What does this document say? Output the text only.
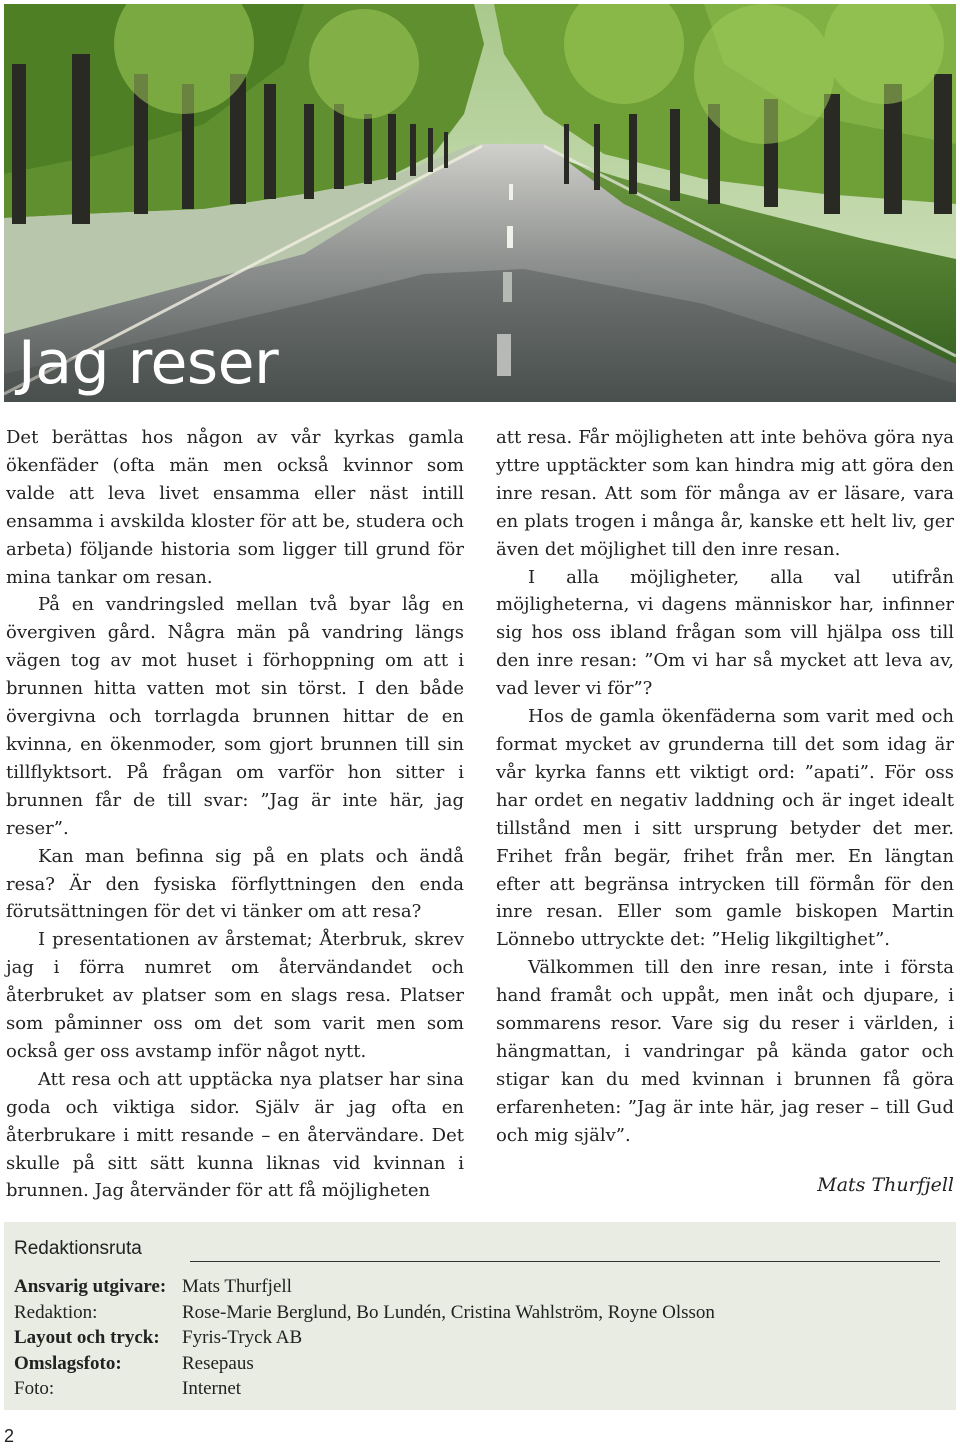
Jag reser

Det berättas hos någon av vår kyrkas gamla ökenfäder (ofta män men också kvinnor som valde att leva livet ensamma eller näst intill ensamma i avskilda kloster för att be, studera och arbeta) följande historia som ligger till grund för mina tankar om resan.

På en vandringsled mellan två byar låg en övergiven gård. Några män på vandring längs vägen tog av mot huset i förhoppning om att i brunnen hitta vatten mot sin törst. I den både övergivna och torrlagda brunnen hittar de en kvinna, en ökenmoder, som gjort brunnen till sin tillflyktsort. På frågan om varför hon sitter i brunnen får de till svar: ”Jag är inte här, jag reser”.

Kan man befinna sig på en plats och ändå resa? Är den fysiska förflyttningen den enda förutsättningen för det vi tänker om att resa?

I presentationen av årstemat; Återbruk, skrev jag i förra numret om återvändandet och återbruket av platser som en slags resa. Platser som påminner oss om det som varit men som också ger oss avstamp inför något nytt.

Att resa och att upptäcka nya platser har sina goda och viktiga sidor. Själv är jag ofta en återbrukare i mitt resande – en återvändare. Det skulle på sitt sätt kunna liknas vid kvinnan i brunnen. Jag återvänder för att få möjligheten

att resa. Får möjligheten att inte behöva göra nya yttre upptäckter som kan hindra mig att göra den inre resan. Att som för många av er läsare, vara en plats trogen i många år, kanske ett helt liv, ger även det möjlighet till den inre resan.

I alla möjligheter, alla val utifrån möjligheterna, vi dagens människor har, infinner sig hos oss ibland frågan som vill hjälpa oss till den inre resan: ”Om vi har så mycket att leva av, vad lever vi för”?

Hos de gamla ökenfäderna som varit med och format mycket av grunderna till det som idag är vår kyrka fanns ett viktigt ord: ”apati”. För oss har ordet en negativ laddning och är inget idealt tillstånd men i sitt ursprung betyder det mer. Frihet från begär, frihet från mer. En längtan efter att begränsa intrycken till förmån för den inre resan. Eller som gamle biskopen Martin Lönnebo uttryckte det: ”Helig likgiltighet”.

Välkommen till den inre resan, inte i första hand framåt och uppåt, men inåt och djupare, i sommarens resor. Vare sig du reser i världen, i hängmattan, i vandringar på kända gator och stigar kan du med kvinnan i brunnen få göra erfarenheten: ”Jag är inte här, jag reser – till Gud och mig själv”.

Mats Thurfjell
Redaktionsruta
Ansvarig utgivare: Mats Thurfjell
Redaktion:	Rose-Marie Berglund, Bo Lundén, Cristina Wahlström, Royne Olsson
Layout och tryck:	Fyris-Tryck AB
Omslagsfoto:	Resepaus
Foto:	Internet
2
